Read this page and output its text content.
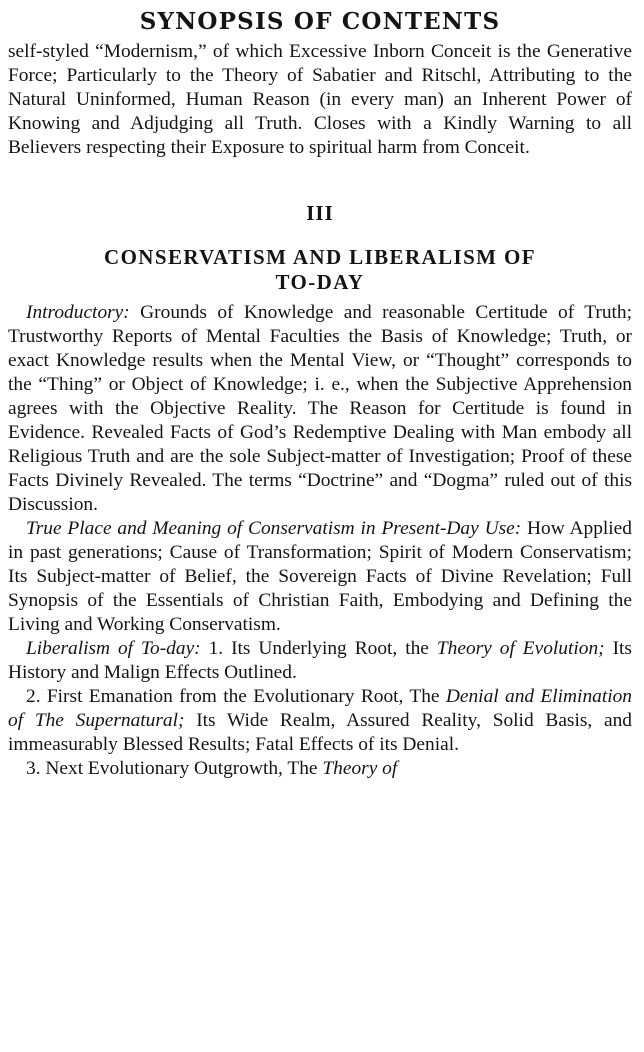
SYNOPSIS OF CONTENTS

self-styled “Modernism,” of which Excessive Inborn Conceit is the Generative Force; Particularly to the Theory of Sabatier and Ritschl, Attributing to the Natural Uninformed, Human Reason (in every man) an Inherent Power of Knowing and Adjudging all Truth. Closes with a Kindly Warning to all Believers respecting their Exposure to spiritual harm from Conceit.

III
CONSERVATISM AND LIBERALISM OF
TO-DAY

Introductory: Grounds of Knowledge and reasonable Certitude of Truth; Trustworthy Reports of Mental Faculties the Basis of Knowledge; Truth, or exact Knowledge results when the Mental View, or “Thought” corresponds to the “Thing” or Object of Knowledge; i. e., when the Subjective Apprehension agrees with the Objective Reality. The Reason for Certitude is found in Evidence. Revealed Facts of God’s Redemptive Dealing with Man embody all Religious Truth and are the sole Subject-matter of Investigation; Proof of these Facts Divinely Revealed. The terms “Doctrine” and “Dogma” ruled out of this Discussion.

True Place and Meaning of Conservatism in Present-Day Use: How Applied in past generations; Cause of Transformation; Spirit of Modern Conservatism; Its Subject-matter of Belief, the Sovereign Facts of Divine Revelation; Full Synopsis of the Essentials of Christian Faith, Embodying and Defining the Living and Working Conservatism.

Liberalism of To-day: 1. Its Underlying Root, the Theory of Evolution; Its History and Malign Effects Outlined.

2. First Emanation from the Evolutionary Root, The Denial and Elimination of The Supernatural; Its Wide Realm, Assured Reality, Solid Basis, and immeasurably Blessed Results; Fatal Effects of its Denial.

3. Next Evolutionary Outgrowth, The Theory of
